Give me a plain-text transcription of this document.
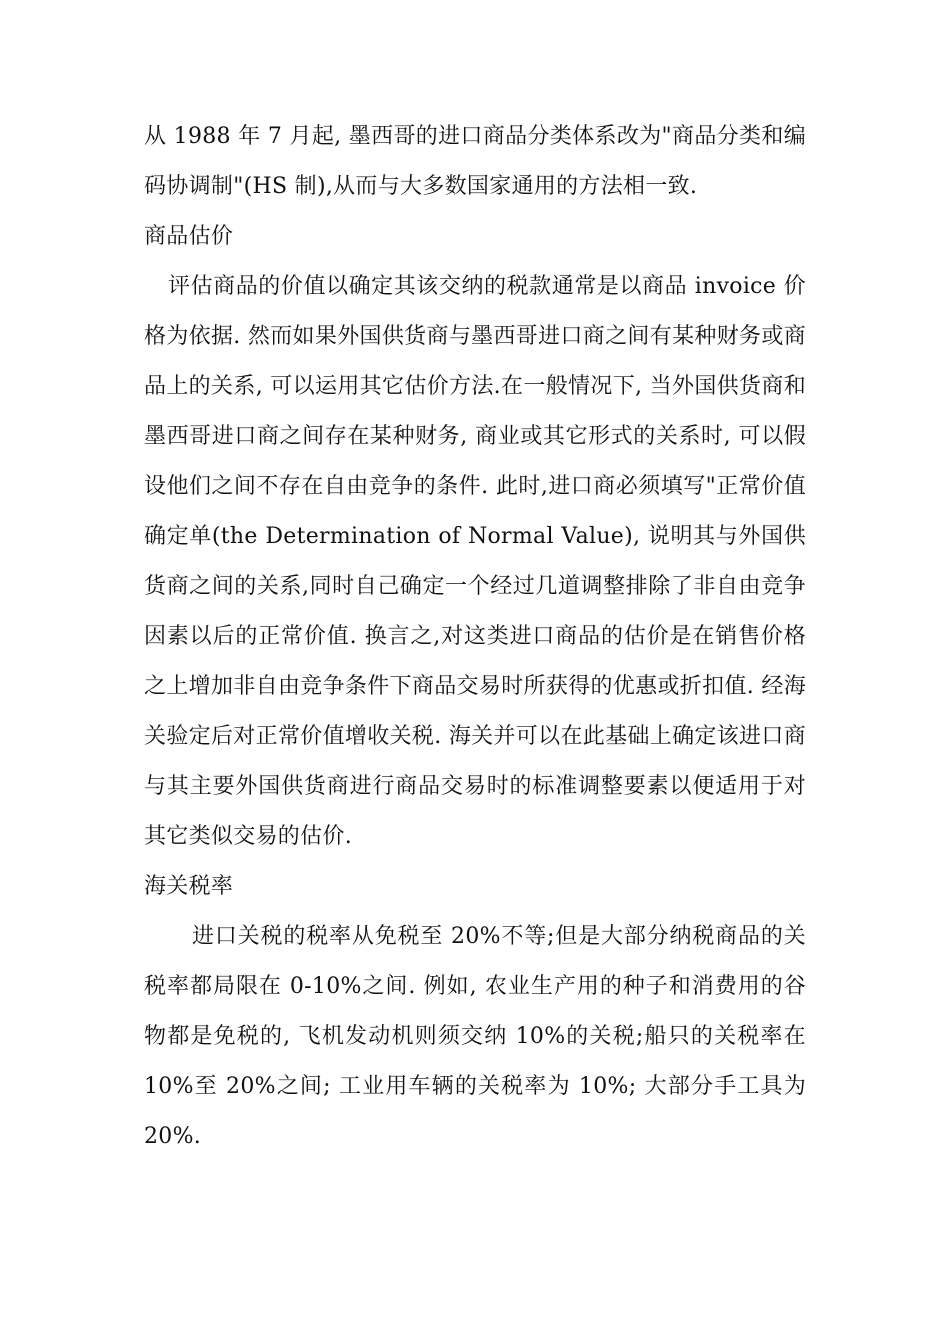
从 1988 年 7 月起, 墨西哥的进口商品分类体系改为"商品分类和编码协调制"(HS 制),从而与大多数国家通用的方法相一致.

商品估价

评估商品的价值以确定其该交纳的税款通常是以商品 invoice 价格为依据. 然而如果外国供货商与墨西哥进口商之间有某种财务或商品上的关系, 可以运用其它估价方法.在一般情况下, 当外国供货商和墨西哥进口商之间存在某种财务, 商业或其它形式的关系时, 可以假设他们之间不存在自由竞争的条件. 此时,进口商必须填写"正常价值确定单(the Determination of Normal Value), 说明其与外国供货商之间的关系,同时自己确定一个经过几道调整排除了非自由竞争因素以后的正常价值. 换言之,对这类进口商品的估价是在销售价格之上增加非自由竞争条件下商品交易时所获得的优惠或折扣值. 经海关验定后对正常价值增收关税. 海关并可以在此基础上确定该进口商与其主要外国供货商进行商品交易时的标准调整要素以便适用于对其它类似交易的估价.

海关税率

进口关税的税率从免税至 20%不等;但是大部分纳税商品的关税率都局限在 0-10%之间. 例如, 农业生产用的种子和消费用的谷物都是免税的, 飞机发动机则须交纳 10%的关税;船只的关税率在 10%至 20%之间; 工业用车辆的关税率为 10%; 大部分手工具为 20%.
